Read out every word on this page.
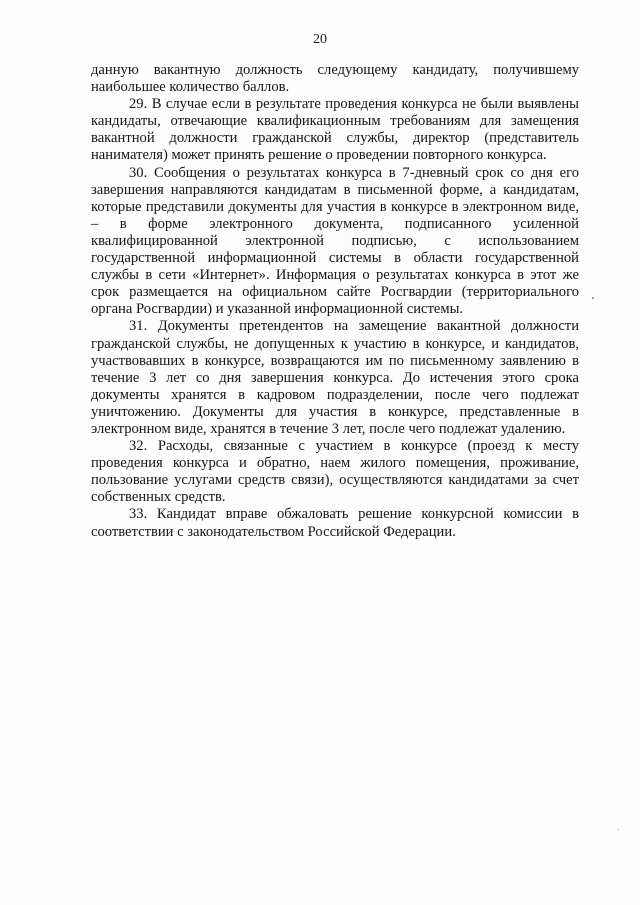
20

данную вакантную должность следующему кандидату, получившему наибольшее количество баллов.

29. В случае если в результате проведения конкурса не были выявлены кандидаты, отвечающие квалификационным требованиям для замещения вакантной должности гражданской службы, директор (представитель нанимателя) может принять решение о проведении повторного конкурса.

30. Сообщения о результатах конкурса в 7-дневный срок со дня его завершения направляются кандидатам в письменной форме, а кандидатам, которые представили документы для участия в конкурсе в электронном виде, – в форме электронного документа, подписанного усиленной квалифицированной электронной подписью, с использованием государственной информационной системы в области государственной службы в сети «Интернет». Информация о результатах конкурса в этот же срок размещается на официальном сайте Росгвардии (территориального органа Росгвардии) и указанной информационной системы.

31. Документы претендентов на замещение вакантной должности гражданской службы, не допущенных к участию в конкурсе, и кандидатов, участвовавших в конкурсе, возвращаются им по письменному заявлению в течение 3 лет со дня завершения конкурса. До истечения этого срока документы хранятся в кадровом подразделении, после чего подлежат уничтожению. Документы для участия в конкурсе, представленные в электронном виде, хранятся в течение 3 лет, после чего подлежат удалению.

32. Расходы, связанные с участием в конкурсе (проезд к месту проведения конкурса и обратно, наем жилого помещения, проживание, пользование услугами средств связи), осуществляются кандидатами за счет собственных средств.

33. Кандидат вправе обжаловать решение конкурсной комиссии в соответствии с законодательством Российской Федерации.
